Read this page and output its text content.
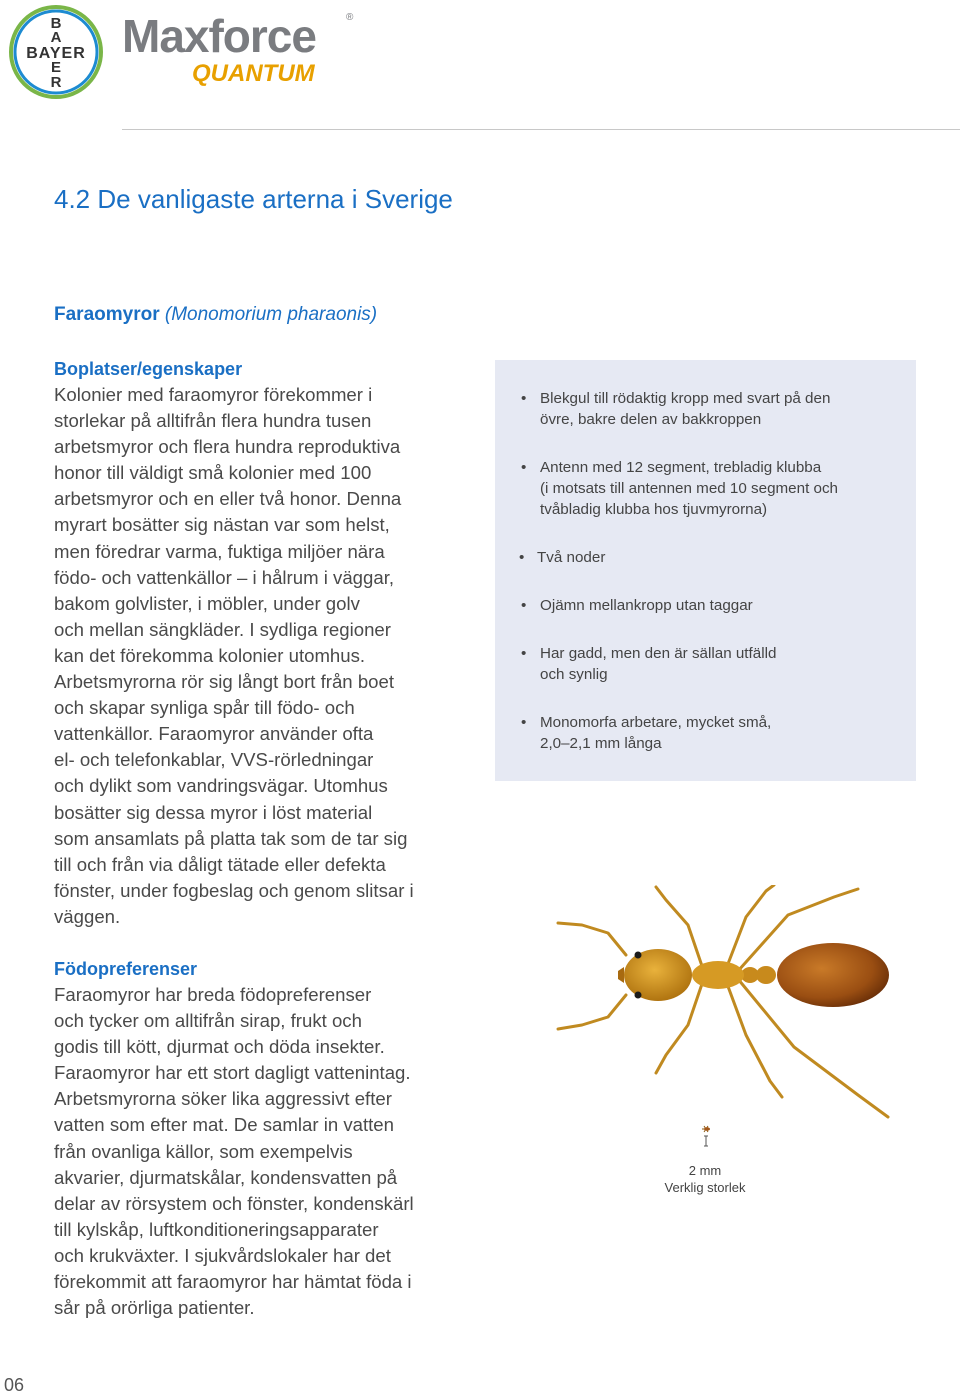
B
A
BAYER
E
R
Maxforce	®
QUANTUM
4.2 De vanligaste arterna i Sverige
Faraomyror (Monomorium pharaonis)
Boplatser/egenskaper

Kolonier med faraomyror förekommer i
storlekar på alltifrån flera hundra tusen
arbetsmyror och flera hundra reproduktiva
honor till väldigt små kolonier med 100
arbetsmyror och en eller två honor. Denna
myrart bosätter sig nästan var som helst,
men föredrar varma, fuktiga miljöer nära
födo- och vattenkällor – i hålrum i väggar,
bakom golvlister, i möbler, under golv
och mellan sängkläder. I sydliga regioner
kan det förekomma kolonier utomhus.
Arbetsmyrorna rör sig långt bort från boet
och skapar synliga spår till födo- och
vattenkällor. Faraomyror använder ofta
el- och telefonkablar, VVS-rörledningar
och dylikt som vandringsvägar. Utomhus
bosätter sig dessa myror i löst material
som ansamlats på platta tak som de tar sig
till och från via dåligt tätade eller defekta
fönster, under fogbeslag och genom slitsar i
väggen.

Födopreferenser

Faraomyror har breda födopreferenser
och tycker om alltifrån sirap, frukt och
godis till kött, djurmat och döda insekter.
Faraomyror har ett stort dagligt vattenintag.
Arbetsmyrorna söker lika aggressivt efter
vatten som efter mat. De samlar in vatten
från ovanliga källor, som exempelvis
akvarier, djurmatskålar, kondensvatten på
delar av rörsystem och fönster, kondenskärl
till kylskåp, luftkonditioneringsapparater
och krukväxter. I sjukvårdslokaler har det
förekommit att faraomyror har hämtat föda i
sår på orörliga patienter.

• Blekgul till rödaktig kropp med svart på den
övre, bakre delen av bakkroppen
• Antenn med 12 segment, trebladig klubba
(i motsats till antennen med 10 segment och
tvåbladig klubba hos tjuvmyrorna)
• Två noder
• Ojämn mellankropp utan taggar
• Har gadd, men den är sällan utfälld
och synlig
• Monomorfa arbetare, mycket små,
2,0–2,1 mm långa
2 mm
Verklig storlek
06
